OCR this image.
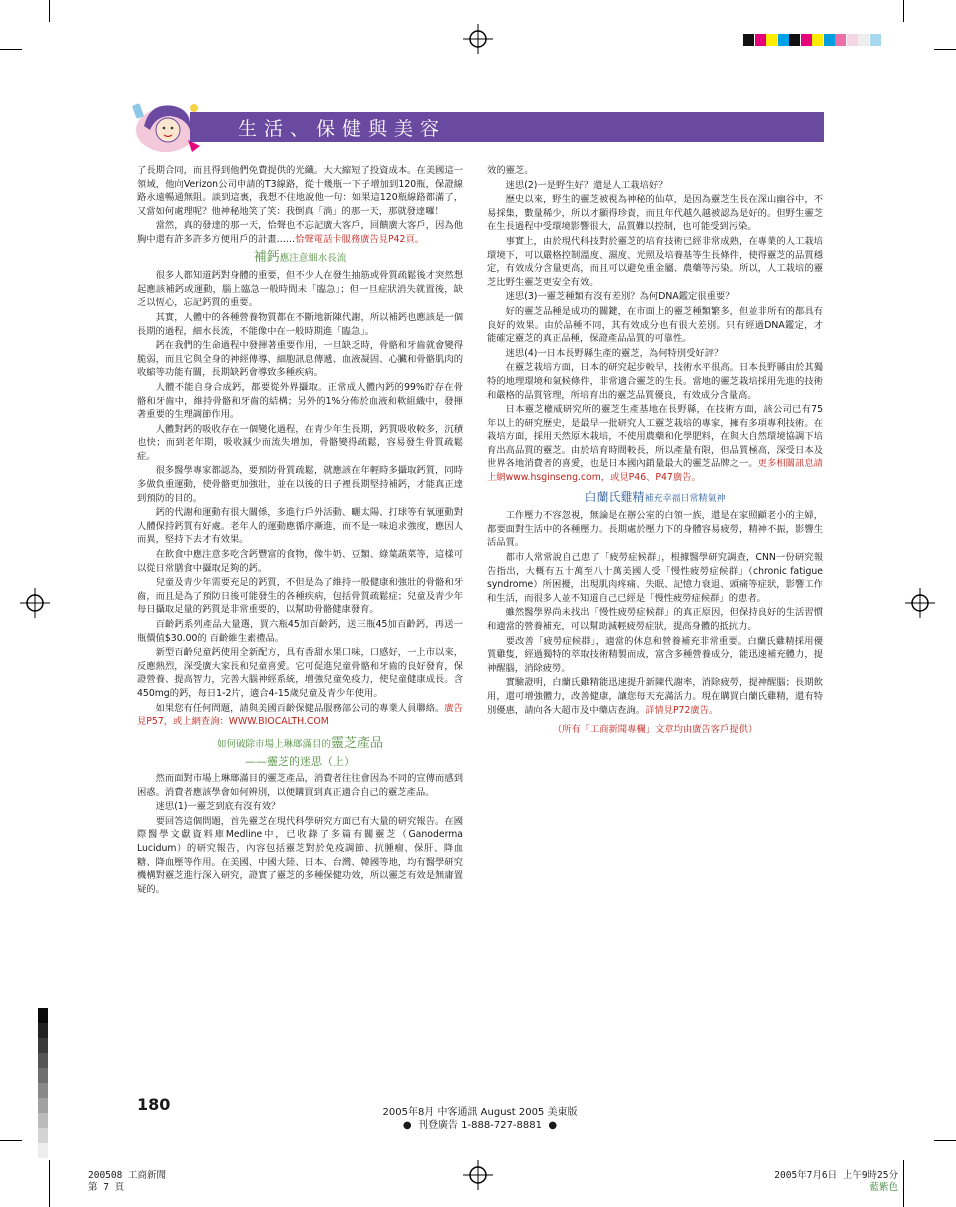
生活、保健與美容

了長期合同，而且得到他們免費提供的光纖。大大縮短了投資成本。在美國這一領域，他向Verizon公司申請的T3線路，從十幾瓶一下子增加到120瓶，保證線路永遠暢通無阻。談到這裏，我想不住地說他一句：如果這120瓶線路都滿了，又當如何處理呢？他神秘地笑了笑：我倒真「淌」的那一天，那就發達囉！

當然，真的發達的那一天，恰聲也不忘記廣大客戶，回饋廣大客戶，因為他胸中還有許多許多方便用戶的計畫……恰聲電話卡服務廣告見P42頁。

補鈣應注意細水長流

很多人都知道鈣對身體的重要，但不少人在發生抽筋或骨質疏鬆後才突然想起應該補鈣或運動，腦上臨急一般時間未「臨急」；但一旦症狀消失就置後，缺乏以恆心，忘記鈣質的重要。

其實，人體中的各種營養物質都在不斷地新陳代謝，所以補鈣也應該是一個長期的過程，細水長流，不能像中在一般時期進「臨急」。

鈣在我們的生命過程中發揮著重要作用，一旦缺乏時，骨骼和牙齒就會變得脆弱，而且它與全身的神經傳導、細胞訊息傳遞、血液凝固、心臟和骨骼肌肉的收縮等功能有關，長期缺鈣會導致多種疾病。

人體不能自身合成鈣，都要從外界攝取。正常成人體內鈣的99%貯存在骨骼和牙齒中，維持骨骼和牙齒的結構；另外的1%分佈於血液和軟組織中，發揮著重要的生理調節作用。

人體對鈣的吸收存在一個變化過程，在青少年生長期，鈣質吸收較多，沉積也快；而到老年期，吸收減少而流失增加，骨骼變得疏鬆，容易發生骨質疏鬆症。

很多醫學專家都認為，要預防骨質疏鬆，就應該在年輕時多攝取鈣質，同時多做負重運動，使骨骼更加強壯，並在以後的日子裡長期堅持補鈣，才能真正達到預防的目的。

鈣的代謝和運動有很大關係，多進行戶外活動、曬太陽、打球等有氧運動對人體保持鈣質有好處。老年人的運動應循序漸進，而不是一味追求強度，應因人而異，堅持下去才有效果。

在飲食中應注意多吃含鈣豐富的食物，像牛奶、豆類、綠葉蔬菜等，這樣可以從日常膳食中攝取足夠的鈣。

兒童及青少年需要充足的鈣質，不但是為了維持一般健康和強壯的骨骼和牙齒，而且是為了預防日後可能發生的各種疾病，包括骨質疏鬆症；兒童及青少年每日攝取足量的鈣質是非常重要的，以幫助骨骼健康發育。

百齡鈣系列產品大量選，買六瓶45加百齡鈣，送三瓶45加百齡鈣，再送一瓶價值$30.00的 百齡維生素禮品。

新型百齡兒童鈣使用全新配方，具有香甜水果口味，口感好，一上市以來，反應熱烈，深受廣大家長和兒童喜愛。它可促進兒童骨骼和牙齒的良好發育，保證營養、提高智力，完善大腦神經系統，增強兒童免疫力，使兒童健康成長。含450mg的鈣，每日1-2片，適合4-15歲兒童及青少年使用。

如果您有任何問題，請與美國百齡保健品服務部公司的專業人員聯絡。廣告見P57，或上網查詢：WWW.BIOCALTH.COM

如何破除市場上琳瑯滿目的靈芝產品
——靈芝的迷思（上）

然而面對市場上琳瑯滿目的靈芝產品，消費者往往會因為不同的宣傳而感到困惑。消費者應該學會如何辨別，以便購買到真正適合自己的靈芝產品。

迷思(1)一靈芝到底有沒有效？

要回答這個問題，首先靈芝在現代科學研究方面已有大量的研究報告。在國際醫學文獻資料庫Medline中，已收錄了多篇有關靈芝（Ganoderma Lucidum）的研究報告，內容包括靈芝對於免疫調節、抗腫瘤、保肝、降血糖、降血壓等作用。在美國、中國大陸、日本、台灣、韓國等地，均有醫學研究機構對靈芝進行深入研究，證實了靈芝的多種保健功效，所以靈芝有效是無庸置疑的。

效的靈芝。

迷思(2)一是野生好？還是人工栽培好？

歷史以來，野生的靈芝被視為神秘的仙草，是因為靈芝生長在深山幽谷中，不易採集，數量稀少，所以才顯得珍貴，而且年代越久越被認為是好的。但野生靈芝在生長過程中受環境影響很大，品質難以控制，也可能受到污染。

事實上，由於現代科技對於靈芝的培育技術已經非常成熟，在專業的人工栽培環境下，可以嚴格控制溫度、濕度、光照及培養基等生長條件，使得靈芝的品質穩定，有效成分含量更高，而且可以避免重金屬、農藥等污染。所以，人工栽培的靈芝比野生靈芝更安全有效。

迷思(3)一靈芝種類有沒有差別？為何DNA鑑定很重要？

好的靈芝品種是成功的關鍵，在市面上的靈芝種類繁多，但並非所有的都具有良好的效果。由於品種不同，其有效成分也有很大差別。只有經過DNA鑑定，才能確定靈芝的真正品種，保證產品品質的可靠性。

迷思(4)一日本長野縣生產的靈芝，為何特別受好評？

在靈芝栽培方面，日本的研究起步較早，技術水平很高。日本長野縣由於其獨特的地理環境和氣候條件，非常適合靈芝的生長。當地的靈芝栽培採用先進的技術和嚴格的品質管理，所培育出的靈芝品質優良，有效成分含量高。

日本靈芝權威研究所的靈芝生產基地在長野縣，在技術方面，該公司已有75年以上的研究歷史，是最早一批研究人工靈芝栽培的專家，擁有多項專利技術。在栽培方面，採用天然原木栽培，不使用農藥和化學肥料，在與大自然環境協調下培育出高品質的靈芝。由於培育時間較長，所以產量有限，但品質極高，深受日本及世界各地消費者的喜愛，也是日本國內銷量最大的靈芝品牌之一。更多相關訊息請上網www.hsginseng.com，或見P46、P47廣告。

白蘭氏雞精補充幸福日常精氣神

工作壓力不容忽視，無論是在辦公室的白領一族，還是在家照顧老小的主婦，都要面對生活中的各種壓力。長期處於壓力下的身體容易疲勞，精神不振，影響生活品質。

都市人常常說自己患了「疲勞症候群」，根據醫學研究調查，CNN一份研究報告指出，大概有五十萬至八十萬美國人受「慢性疲勞症候群」（chronic fatigue syndrome）所困擾，出現肌肉疼痛、失眠、記憶力衰退、頭痛等症狀，影響工作和生活，而很多人並不知道自己已經是「慢性疲勞症候群」的患者。

雖然醫學界尚未找出「慢性疲勞症候群」的真正原因，但保持良好的生活習慣和適當的營養補充，可以幫助減輕疲勞症狀，提高身體的抵抗力。

要改善「疲勞症候群」，適當的休息和營養補充非常重要。白蘭氏雞精採用優質雞隻，經過獨特的萃取技術精製而成，富含多種營養成分，能迅速補充體力，提神醒腦，消除疲勞。

實驗證明，白蘭氏雞精能迅速提升新陳代謝率，消除疲勞，提神醒腦；長期飲用，還可增強體力，改善健康，讓您每天充滿活力。現在購買白蘭氏雞精，還有特別優惠，請向各大超市及中藥店查詢。詳情見P72廣告。

（所有「工商新聞專欄」文章均由廣告客戶提供）
180	2005年8月 中客通訊 August 2005 美東版
●  刊登廣告 1-888-727-8881  ●
200508 工商新聞
第 7 頁
2005年7月6日 上午9時25分
藍紫色
